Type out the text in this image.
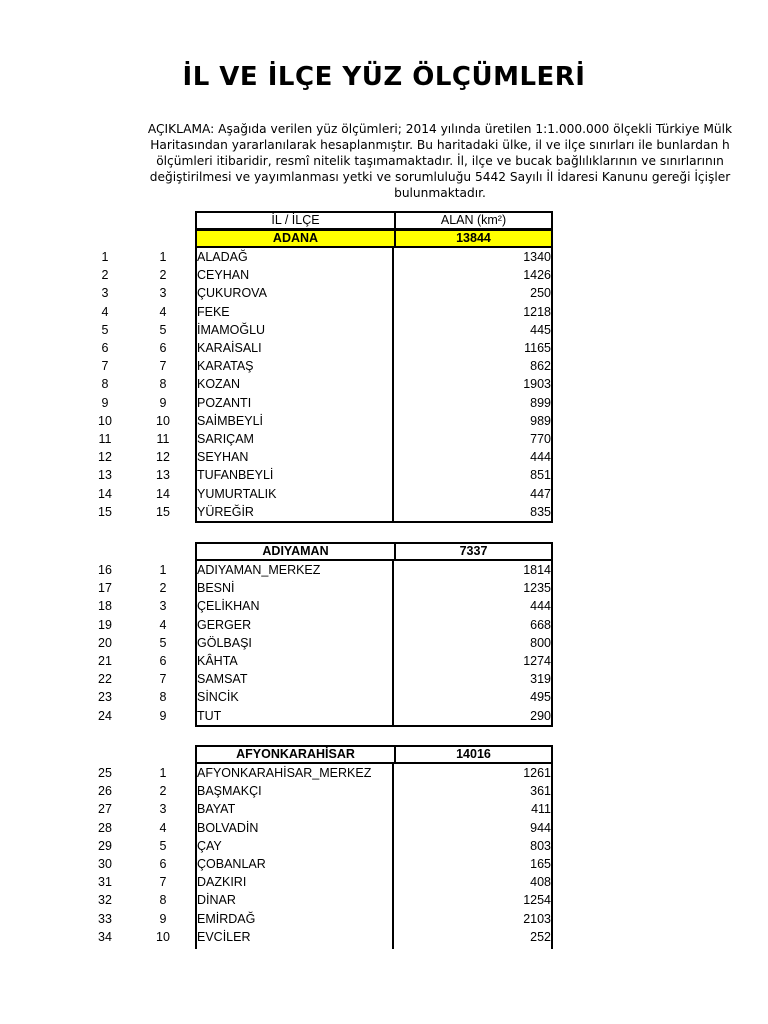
İL VE İLÇE YÜZ ÖLÇÜMLERİ
AÇIKLAMA: Aşağıda verilen yüz ölçümleri; 2014 yılında üretilen 1:1.000.000 ölçekli Türkiye Mülk
Haritasından yararlanılarak hesaplanmıştır. Bu haritadaki ülke, il ve ilçe sınırları ile bunlardan h
ölçümleri itibaridir, resmî nitelik taşımamaktadır. İl, ilçe ve bucak bağlılıklarının ve sınırlarının
değiştirilmesi ve yayımlanması yetki ve sorumluluğu 5442 Sayılı İl İdaresi Kanunu gereği İçişler
bulunmaktadır.
İL / İLÇE	ALAN (km²)
ADANA	13844
1	1	ALADAĞ	1340
2	2	CEYHAN	1426
3	3	ÇUKUROVA	250
4	4	FEKE	1218
5	5	İMAMOĞLU	445
6	6	KARAİSALI	1165
7	7	KARATAŞ	862
8	8	KOZAN	1903
9	9	POZANTI	899
10	10	SAİMBEYLİ	989
11	11	SARIÇAM	770
12	12	SEYHAN	444
13	13	TUFANBEYLİ	851
14	14	YUMURTALIK	447
15	15	YÜREĞİR	835
ADIYAMAN	7337
16	1	ADIYAMAN_MERKEZ	1814
17	2	BESNİ	1235
18	3	ÇELİKHAN	444
19	4	GERGER	668
20	5	GÖLBAŞI	800
21	6	KÂHTA	1274
22	7	SAMSAT	319
23	8	SİNCİK	495
24	9	TUT	290
AFYONKARAHİSAR	14016
25	1	AFYONKARAHİSAR_MERKEZ	1261
26	2	BAŞMAKÇI	361
27	3	BAYAT	411
28	4	BOLVADİN	944
29	5	ÇAY	803
30	6	ÇOBANLAR	165
31	7	DAZKIRI	408
32	8	DİNAR	1254
33	9	EMİRDAĞ	2103
34	10	EVCİLER	252
